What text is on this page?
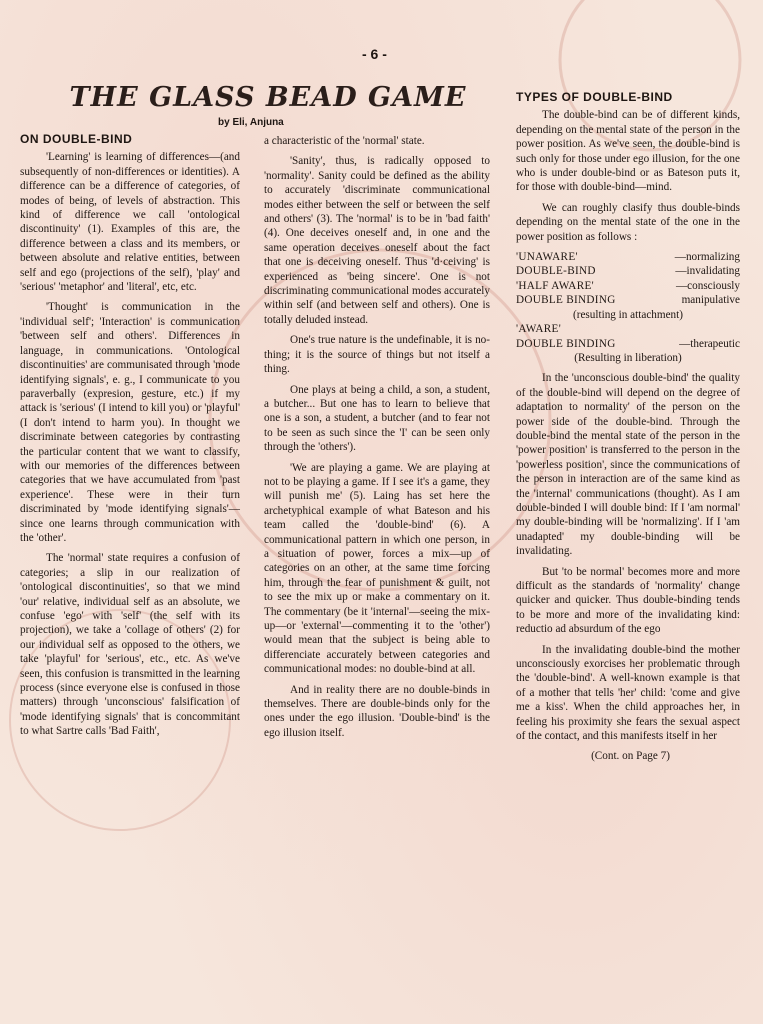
- 6 -
THE GLASS BEAD GAME
by Eli, Anjuna
ON DOUBLE-BIND

'Learning' is learning of differences—(and subsequently of non-differences or identities). A difference can be a difference of categories, of modes of being, of levels of abstraction. This kind of difference we call 'ontological discontinuity' (1). Examples of this are, the difference between a class and its members, or between absolute and relative entities, between self and ego (projections of the self), 'play' and 'serious' 'metaphor' and 'literal', etc, etc.

'Thought' is communication in the 'individual self'; 'Interaction' is communication 'between self and others'. Differences in language, in communications. 'Ontological discontinuities' are communisated through 'mode identifying signals', e. g., I communicate to you paraverbally (expresion, gesture, etc.) if my attack is 'serious' (I intend to kill you) or 'playful' (I don't intend to harm you). In thought we discriminate between categories by contrasting the particular content that we want to classify, with our memories of the differences between categories that we have accumulated from 'past experience'. These were in their turn discriminated by 'mode identifying signals'—since one learns through communication with the 'other'.

The 'normal' state requires a confusion of categories; a slip in our realization of 'ontological discontinuities', so that we mind 'our' relative, individual self as an absolute, we confuse 'ego' with 'self' (the self with its projection), we take a 'collage of others' (2) for our individual self as opposed to the others, we take 'playful' for 'serious', etc., etc. As we've seen, this confusion is transmitted in the learning process (since everyone else is confused in those matters) through 'unconscious' falsification of 'mode identifying signals' that is concommitant to what Sartre calls 'Bad Faith',

a characteristic of the 'normal' state.

'Sanity', thus, is radically opposed to 'normality'. Sanity could be defined as the ability to accurately 'discriminate communicational modes either between the self or between the self and others' (3). The 'normal' is to be in 'bad faith' (4). One deceives oneself and, in one and the same operation deceives oneself about the fact that one is deceiving oneself. Thus 'd·ceiving' is experienced as 'being sincere'. One is not discriminating communicational modes accurately within self (and between self and others). One is totally deluded instead.

One's true nature is the undefinable, it is no-thing; it is the source of things but not itself a thing.

One plays at being a child, a son, a student, a butcher... But one has to learn to believe that one is a son, a student, a butcher (and to fear not to be seen as such since the 'I' can be seen only through the 'others').

'We are playing a game. We are playing at not to be playing a game. If I see it's a game, they will punish me' (5). Laing has set here the archetyphical example of what Bateson and his team called the 'double-bind' (6). A communicational pattern in which one person, in a situation of power, forces a mix—up of categories on an other, at the same time forcing him, through the fear of punishment & guilt, not to see the mix up or make a commentary on it. The commentary (be it 'internal'—seeing the mix-up—or 'external'—commenting it to the 'other') would mean that the subject is being able to differenciate accurately between categories and communicational modes: no double-bind at all.

And in reality there are no double-binds in themselves. There are double-binds only for the ones under the ego illusion. 'Double-bind' is the ego illusion itself.

TYPES OF DOUBLE-BIND

The double-bind can be of different kinds, depending on the mental state of the person in the power position. As we've seen, the double-bind is such only for those under ego illusion, for the one who is under double-bind or as Bateson puts it, for those with double-bind—mind.

We can roughly clasify thus double-binds depending on the mental state of the one in the power position as follows :

'UNAWARE'	—normalizing
DOUBLE-BIND	—invalidating
'HALF AWARE'	—consciously
DOUBLE BINDING	manipulative
(resulting in attachment)
'AWARE'
DOUBLE BINDING	—therapeutic
(Resulting in liberation)

In the 'unconscious double-bind' the quality of the double-bind will depend on the degree of adaptation to normality' of the person on the power side of the double-bind. Through the double-bind the mental state of the person in the 'power position' is transferred to the person in the 'powerless position', since the communications of the person in interaction are of the same kind as the 'internal' communications (thought). As I am double-binded I will double bind: If I 'am normal' my double-binding will be 'normalizing'. If I 'am unadapted' my double-binding will be invalidating.

But 'to be normal' becomes more and more difficult as the standards of 'normality' change quicker and quicker. Thus double-binding tends to be more and more of the invalidating kind: reductio ad absurdum of the ego

In the invalidating double-bind the mother unconsciously exorcises her problematic through the 'double-bind'. A well-known example is that of a mother that tells 'her' child: 'come and give me a kiss'. When the child approaches her, in feeling his proximity she fears the sexual aspect of the contact, and this manifests itself in her

(Cont. on Page 7)
